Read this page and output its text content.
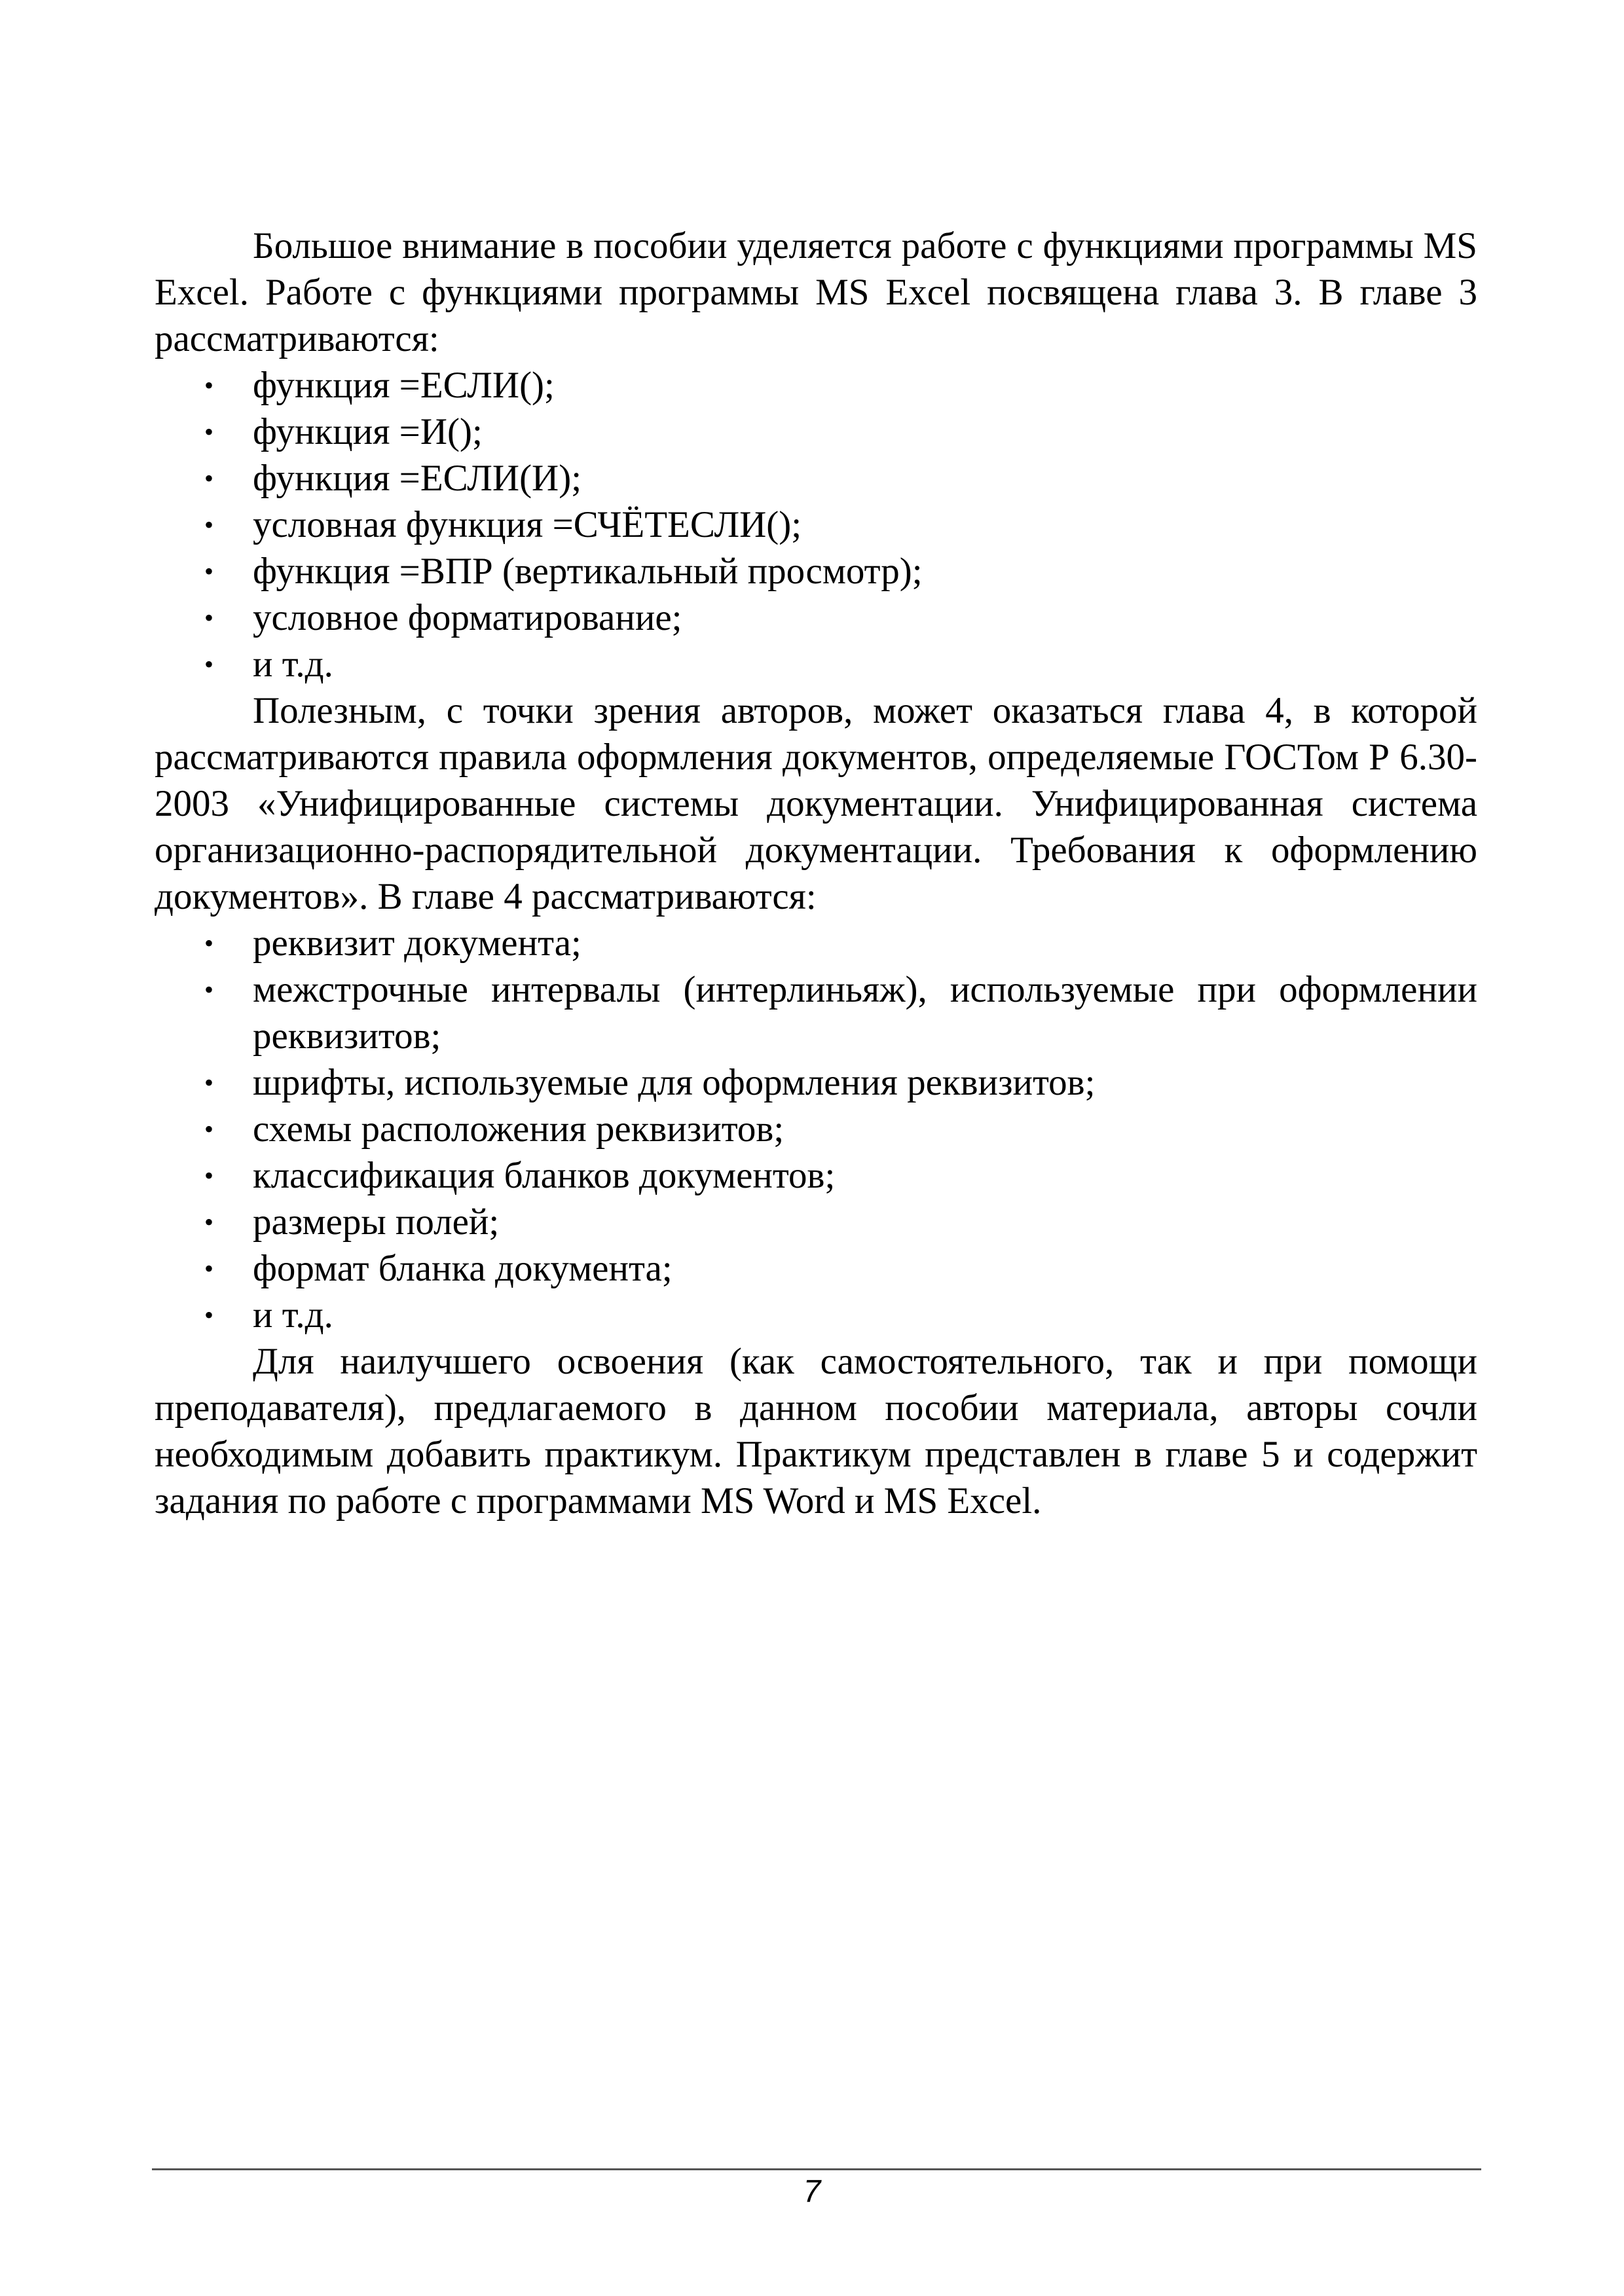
Большое внимание в пособии уделяется работе с функциями программы MS Excel. Работе с функциями программы MS Excel посвящена глава 3. В главе 3 рассматриваются:

• функция =ЕСЛИ();
• функция =И();
• функция =ЕСЛИ(И);
• условная функция =СЧЁТЕСЛИ();
• функция =ВПР (вертикальный просмотр);
• условное форматирование;
• и т.д.

Полезным, с точки зрения авторов, может оказаться глава 4, в которой рассматриваются правила оформления документов, определяемые ГОСТом Р 6.30-2003 «Унифицированные системы документации. Унифицированная система организационно-распорядительной документации. Требования к оформлению документов». В главе 4 рассматриваются:

• реквизит документа;
• межстрочные интервалы (интерлиньяж), используемые при оформлении реквизитов;
• шрифты, используемые для оформления реквизитов;
• схемы расположения реквизитов;
• классификация бланков документов;
• размеры полей;
• формат бланка документа;
• и т.д.

Для наилучшего освоения (как самостоятельного, так и при помощи преподавателя), предлагаемого в данном пособии материала, авторы сочли необходимым добавить практикум. Практикум представлен в главе 5 и содержит задания по работе с программами MS Word и MS Excel.

7
